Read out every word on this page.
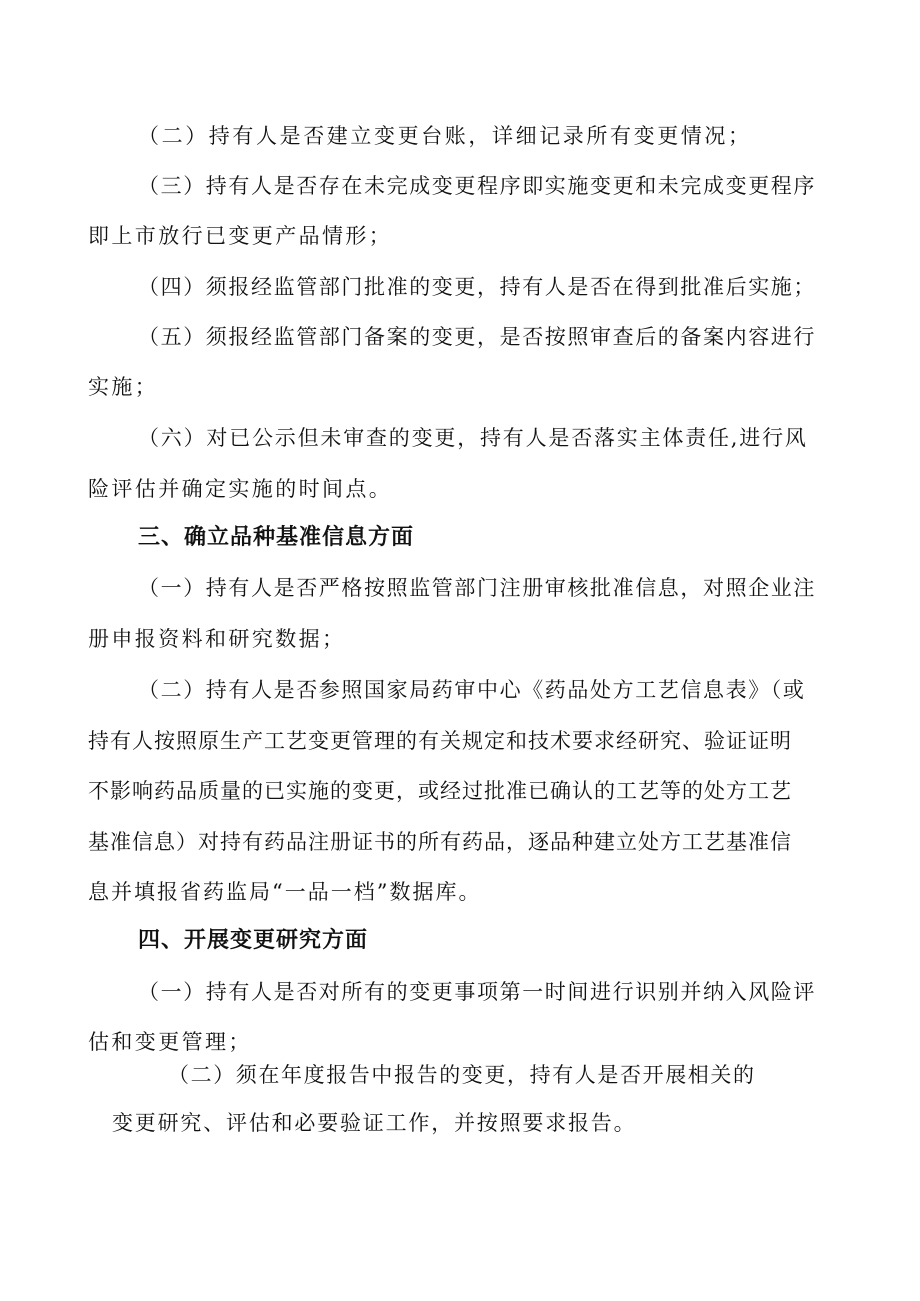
（二）持有人是否建立变更台账，详细记录所有变更情况；
（三）持有人是否存在未完成变更程序即实施变更和未完成变更程序
即上市放行已变更产品情形；
（四）须报经监管部门批准的变更，持有人是否在得到批准后实施；
（五）须报经监管部门备案的变更，是否按照审查后的备案内容进行
实施；
（六）对已公示但未审查的变更，持有人是否落实主体责任,进行风
险评估并确定实施的时间点。
三、确立品种基准信息方面
（一）持有人是否严格按照监管部门注册审核批准信息，对照企业注
册申报资料和研究数据；
（二）持有人是否参照国家局药审中心《药品处方工艺信息表》（或
持有人按照原生产工艺变更管理的有关规定和技术要求经研究、验证证明
不影响药品质量的已实施的变更，或经过批准已确认的工艺等的处方工艺
基准信息）对持有药品注册证书的所有药品，逐品种建立处方工艺基准信
息并填报省药监局“一品一档”数据库。
四、开展变更研究方面
（一）持有人是否对所有的变更事项第一时间进行识别并纳入风险评
估和变更管理；
（二）须在年度报告中报告的变更，持有人是否开展相关的
变更研究、评估和必要验证工作，并按照要求报告。
